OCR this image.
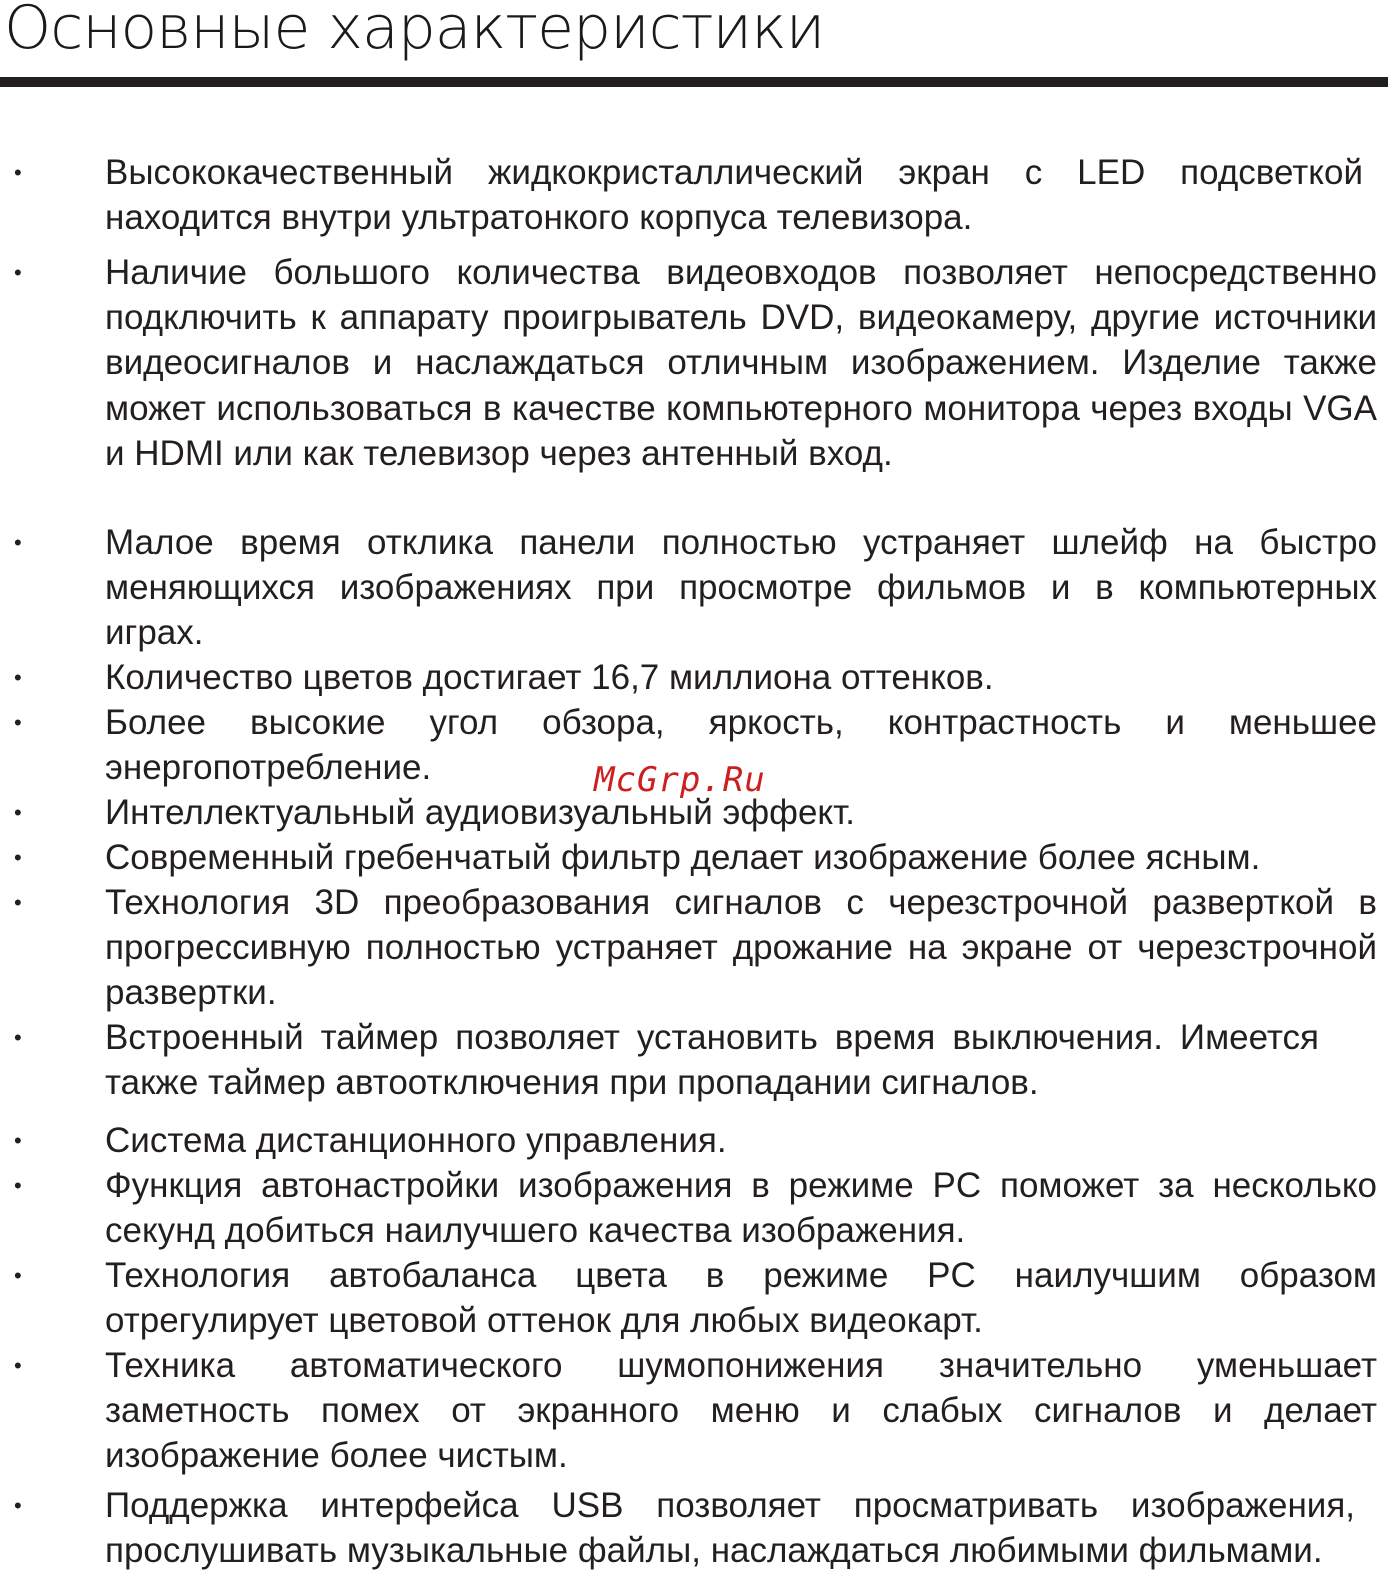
Основные характеристики
• Высококачественный жидкокристаллический экран с LED подсветкой находится внутри ультратонкого корпуса телевизора.

• Наличие большого количества видеовходов позволяет непосредственно подключить к аппарату проигрыватель DVD, видеокамеру, другие источники видеосигналов и наслаждаться отличным изображением. Изделие также может использоваться в качестве компьютерного монитора через входы VGA и HDMI или как телевизор через антенный вход.

• Малое время отклика панели полностью устраняет шлейф на быстро меняющихся изображениях при просмотре фильмов и в компьютерных играх.

• Количество цветов достигает 16,7 миллиона оттенков.

• Более высокие угол обзора, яркость, контрастность и меньшее энергопотребление.

• Интеллектуальный аудиовизуальный эффект.

• Современный гребенчатый фильтр делает изображение более ясным.

• Технология 3D преобразования сигналов с черезстрочной разверткой в прогрессивную полностью устраняет дрожание на экране от черезстрочной развертки.

• Встроенный таймер позволяет установить время выключения. Имеется также таймер автоотключения при пропадании сигналов.

• Система дистанционного управления.

• Функция автонастройки изображения в режиме PC поможет за несколько секунд добиться наилучшего качества изображения.

• Технология автобаланса цвета в режиме PC наилучшим образом отрегулирует цветовой оттенок для любых видеокарт.

• Техника автоматического шумопонижения значительно уменьшает заметность помех от экранного меню и слабых сигналов и делает изображение более чистым.

• Поддержка интерфейса USB позволяет просматривать изображения, прослушивать музыкальные файлы, наслаждаться любимыми фильмами.

McGrp.Ru
